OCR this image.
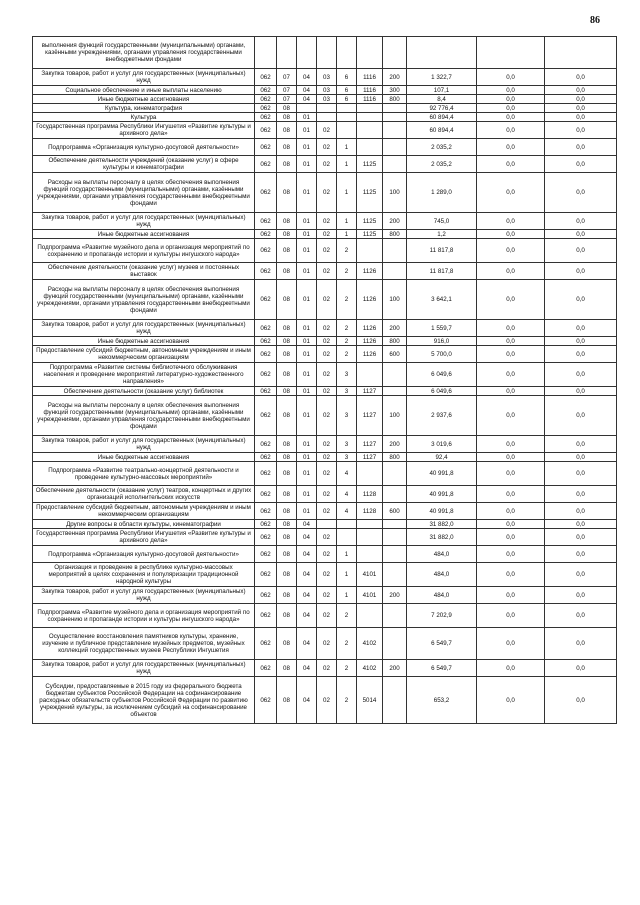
86
выполнения функций государственными (муниципальными) органами, казёнными учреждениями, органами управления государственными внебюджетными фондами										
Закупка товаров, работ и услуг для государственных (муниципальных) нужд	062	07	04	03	6	1116	200	1 322,7	0,0	0,0
Социальное обеспечение и иные выплаты населению	062	07	04	03	6	1116	300	107,1	0,0	0,0
Иные бюджетные ассигнования	062	07	04	03	6	1116	800	8,4	0,0	0,0
Культура, кинематография	062	08						92 776,4	0,0	0,0
Культура	062	08	01					60 894,4	0,0	0,0
Государственная программа Республики Ингушетия «Развитие культуры и архивного дела»	062	08	01	02				60 894,4	0,0	0,0
Подпрограмма «Организация культурно-досуговой деятельности»	062	08	01	02	1			2 035,2	0,0	0,0
Обеспечение деятельности учреждений (оказание услуг) в сфере культуры и кинематографии	062	08	01	02	1	1125		2 035,2	0,0	0,0
Расходы на выплаты персоналу в целях обеспечения выполнения функций государственными (муниципальными) органами, казёнными учреждениями, органами управления государственными внебюджетными фондами	062	08	01	02	1	1125	100	1 289,0	0,0	0,0
Закупка товаров, работ и услуг для государственных (муниципальных) нужд	062	08	01	02	1	1125	200	745,0	0,0	0,0
Иные бюджетные ассигнования	062	08	01	02	1	1125	800	1,2	0,0	0,0
Подпрограмма «Развитие музейного дела и организация мероприятий по сохранению и пропаганде истории и культуры ингушского народа»	062	08	01	02	2			11 817,8	0,0	0,0
Обеспечение деятельности (оказание услуг) музеев и постоянных выставок	062	08	01	02	2	1126		11 817,8	0,0	0,0
Расходы на выплаты персоналу в целях обеспечения выполнения функций государственными (муниципальными) органами, казёнными учреждениями, органами управления государственными внебюджетными фондами	062	08	01	02	2	1126	100	3 642,1	0,0	0,0
Закупка товаров, работ и услуг для государственных (муниципальных) нужд	062	08	01	02	2	1126	200	1 559,7	0,0	0,0
Иные бюджетные ассигнования	062	08	01	02	2	1126	800	916,0	0,0	0,0
Предоставление субсидий бюджетным, автономным учреждениям и иным некоммерческим организациям	062	08	01	02	2	1126	600	5 700,0	0,0	0,0
Подпрограмма «Развитие системы библиотечного обслуживания населения и проведение мероприятий литературно-художественного направления»	062	08	01	02	3			6 049,6	0,0	0,0
Обеспечение деятельности (оказание услуг) библиотек	062	08	01	02	3	1127		6 049,6	0,0	0,0
Расходы на выплаты персоналу в целях обеспечения выполнения функций государственными (муниципальными) органами, казёнными учреждениями, органами управления государственными внебюджетными фондами	062	08	01	02	3	1127	100	2 937,6	0,0	0,0
Закупка товаров, работ и услуг для государственных (муниципальных) нужд	062	08	01	02	3	1127	200	3 019,6	0,0	0,0
Иные бюджетные ассигнования	062	08	01	02	3	1127	800	92,4	0,0	0,0
Подпрограмма «Развитие театрально-концертной деятельности и проведение культурно-массовых мероприятий»	062	08	01	02	4			40 991,8	0,0	0,0
Обеспечение деятельности (оказание услуг) театров, концертных и других организаций исполнительских искусств	062	08	01	02	4	1128		40 991,8	0,0	0,0
Предоставление субсидий бюджетным, автономным учреждениям и иным некоммерческим организациям	062	08	01	02	4	1128	600	40 991,8	0,0	0,0
Другие вопросы в области культуры, кинематографии	062	08	04					31 882,0	0,0	0,0
Государственная программа Республики Ингушетия «Развитие культуры и архивного дела»	062	08	04	02				31 882,0	0,0	0,0
Подпрограмма «Организация культурно-досуговой деятельности»	062	08	04	02	1			484,0	0,0	0,0
Организация и проведение в республике культурно-массовых мероприятий в целях сохранения и популяризации традиционной народной культуры	062	08	04	02	1	4101		484,0	0,0	0,0
Закупка товаров, работ и услуг для государственных (муниципальных) нужд	062	08	04	02	1	4101	200	484,0	0,0	0,0
Подпрограмма «Развитие музейного дела и организация мероприятий по сохранению и пропаганде истории и культуры ингушского народа»	062	08	04	02	2			7 202,9	0,0	0,0
Осуществление восстановления памятников культуры, хранение, изучение и публичное представление музейных предметов, музейных коллекций государственных музеев Республики Ингушетия	062	08	04	02	2	4102		6 549,7	0,0	0,0
Закупка товаров, работ и услуг для государственных (муниципальных) нужд	062	08	04	02	2	4102	200	6 549,7	0,0	0,0
Субсидии, предоставляемые в 2015 году из федерального бюджета бюджетам субъектов Российской Федерации на софинансирование расходных обязательств субъектов Российской Федерации по развитию учреждений культуры, за исключением субсидий на софинансирование объектов	062	08	04	02	2	5014		653,2	0,0	0,0
